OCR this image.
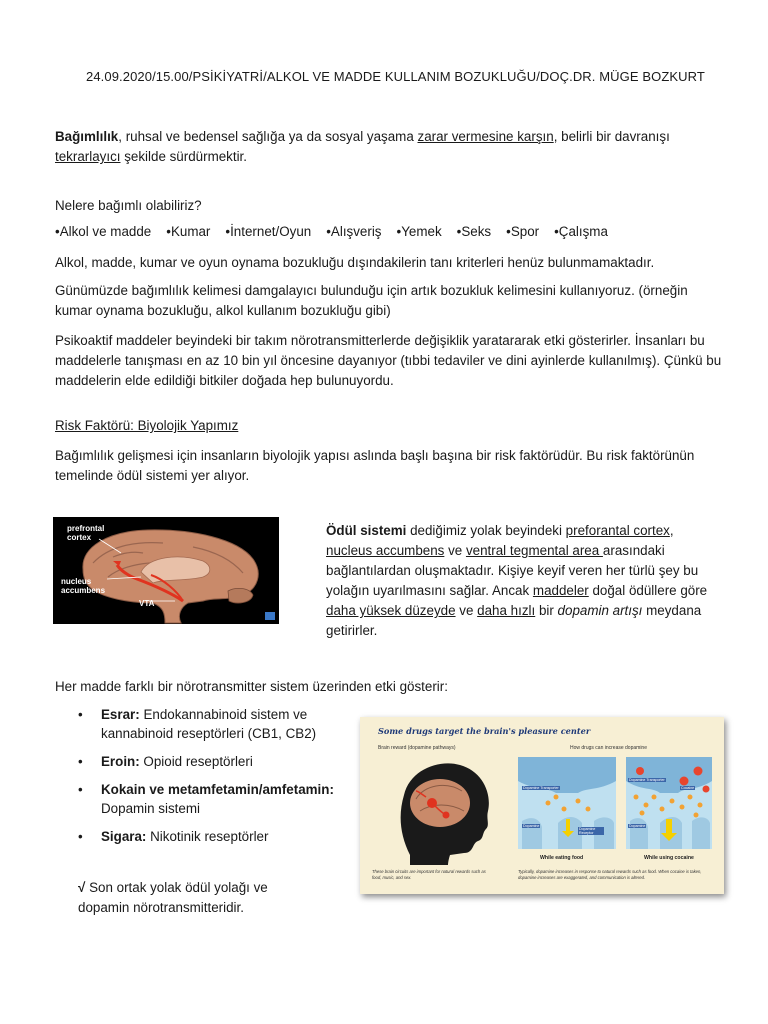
24.09.2020/15.00/PSİKİYATRİ/ALKOL VE MADDE KULLANIM BOZUKLUĞU/DOÇ.DR. MÜGE BOZKURT

Bağımlılık, ruhsal ve bedensel sağlığa ya da sosyal yaşama zarar vermesine karşın, belirli bir davranışı tekrarlayıcı şekilde sürdürmektir.

Nelere bağımlı olabiliriz?

•Alkol ve madde •Kumar •İnternet/Oyun •Alışveriş •Yemek •Seks •Spor •Çalışma

Alkol, madde, kumar ve oyun oynama bozukluğu dışındakilerin tanı kriterleri henüz bulunmamaktadır.

Günümüzde bağımlılık kelimesi damgalayıcı bulunduğu için artık bozukluk kelimesini kullanıyoruz. (örneğin kumar oynama bozukluğu, alkol kullanım bozukluğu gibi)

Psikoaktif maddeler beyindeki bir takım nörotransmitterlerde değişiklik yaratararak etki gösterirler. İnsanları bu maddelerle tanışması en az 10 bin yıl öncesine dayanıyor (tıbbi tedaviler ve dini ayinlerde kullanılmış). Çünkü bu maddelerin elde edildiği bitkiler doğada hep bulunuyordu.

Risk Faktörü: Biyolojik Yapımız

Bağımlılık gelişmesi için insanların biyolojik yapısı aslında başlı başına bir risk faktörüdür. Bu risk faktörünün temelinde ödül sistemi yer alıyor.

prefrontal cortex
nucleus accumbens
VTA

Ödül sistemi dediğimiz yolak beyindeki preforantal cortex, nucleus accumbens ve ventral tegmental area arasındaki bağlantılardan oluşmaktadır. Kişiye keyif veren her türlü şey bu yolağın uyarılmasını sağlar. Ancak maddeler doğal ödüllere göre daha yüksek düzeyde ve daha hızlı bir dopamin artışı meydana getirirler.

Her madde farklı bir nörotransmitter sistem üzerinden etki gösterir:

• Esrar: Endokannabinoid sistem ve kannabinoid reseptörleri (CB1, CB2)
• Eroin: Opioid reseptörleri
• Kokain ve metamfetamin/amfetamin:
Dopamin sistemi
• Sigara: Nikotinik reseptörler

√ Son ortak yolak ödül yolağı ve dopamin nörotransmitteridir.

Some drugs target the brain's pleasure center
Brain reward (dopamine pathways)	How drugs can increase dopamine
Dopamine Transporter
Dopamine
Dopamine Receptor
Dopamine Transporter
Dopamine
Cocaine
While eating food	While using cocaine
These brain circuits are important for natural rewards such as food, music, and sex.
Typically, dopamine increases in response to natural rewards such as food. When cocaine is taken, dopamine increases are exaggerated, and communication is altered.
